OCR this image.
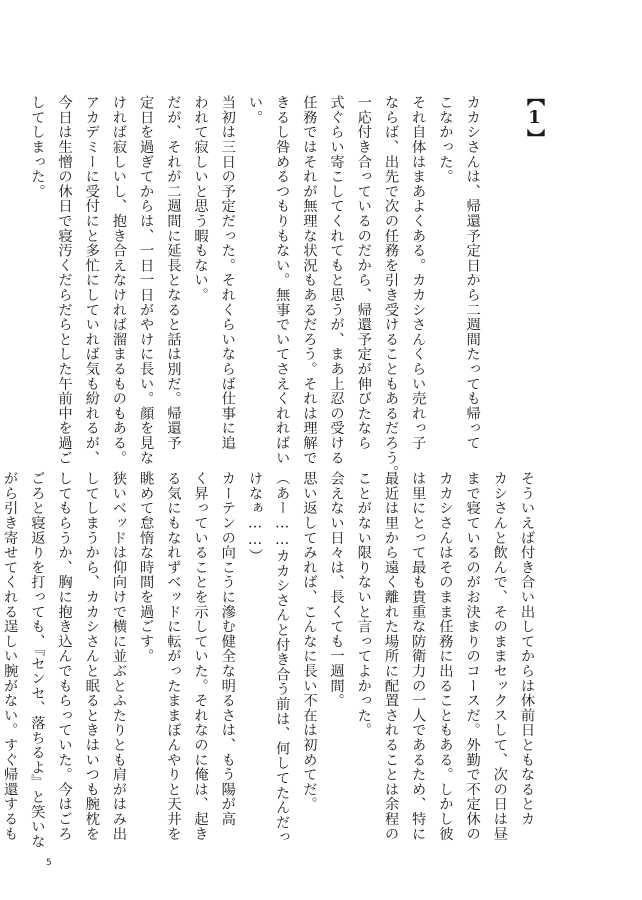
【1】

カカシさんは、帰還予定日から二週間たっても帰って
こなかった。
それ自体はまあよくある。カカシさんくらい売れっ子
ならば、出先で次の任務を引き受けることもあるだろう。
一応付き合っているのだから、帰還予定が伸びたなら
式ぐらい寄こしてくれてもと思うが、まあ上忍の受ける
任務ではそれが無理な状況もあるだろう。それは理解で
きるし咎めるつもりもない。無事でいてさえくれればい
い。
当初は三日の予定だった。それくらいならば仕事に追
われて寂しいと思う暇もない。
だが、それが二週間に延長となると話は別だ。帰還予
定日を過ぎてからは、一日一日がやけに長い。顔を見な
ければ寂しいし、抱き合えなければ溜まるものもある。
アカデミーに受付にと多忙にしていれば気も紛れるが、
今日は生憎の休日で寝汚くだらだらとした午前中を過ご
してしまった。
そういえば付き合い出してからは休前日ともなるとカ
カシさんと飲んで、そのままセックスして、次の日は昼
まで寝ているのがお決まりのコースだ。外勤で不定休の
カカシさんはそのまま任務に出ることもある。しかし彼
は里にとって最も貴重な防衛力の一人であるため、特に
最近は里から遠く離れた場所に配置されることは余程の
ことがない限りないと言ってよかった。
会えない日々は、長くても一週間。
思い返してみれば、こんなに長い不在は初めてだ。
（あー……カカシさんと付き合う前は、何してたんだっ
けなぁ……）
カーテンの向こうに滲む健全な明るさは、もう陽が高
く昇っていることを示していた。それなのに俺は、起き
る気にもなれずベッドに転がったままぼんやりと天井を
眺めて怠惰な時間を過ごす。
狭いベッドは仰向けで横に並ぶとふたりとも肩がはみ出
してしまうから、カカシさんと眠るときはいつも腕枕を
してもらうか、胸に抱き込んでもらっていた。今はごろ
ごろと寝返りを打っても、『センセ、落ちるよ』と笑いな
がら引き寄せてくれる逞しい腕がない。すぐ帰還するも
5
